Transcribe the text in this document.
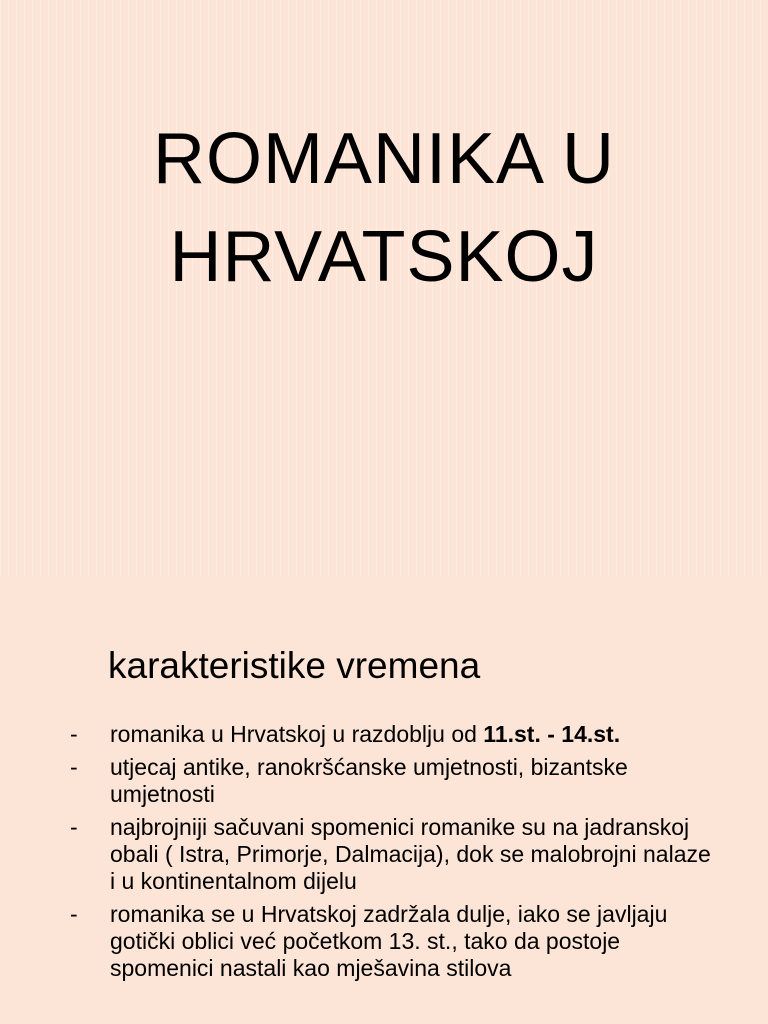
ROMANIKA U
HRVATSKOJ
karakteristike vremena
- romanika u Hrvatskoj u razdoblju od 11.st. - 14.st.
- utjecaj antike, ranokršćanske umjetnosti, bizantske umjetnosti
- najbrojniji sačuvani spomenici romanike su na jadranskoj obali ( Istra, Primorje, Dalmacija), dok se malobrojni nalaze i u kontinentalnom dijelu
- romanika se u Hrvatskoj zadržala dulje, iako se javljaju gotički oblici već početkom 13. st., tako da postoje spomenici nastali kao mješavina stilova
